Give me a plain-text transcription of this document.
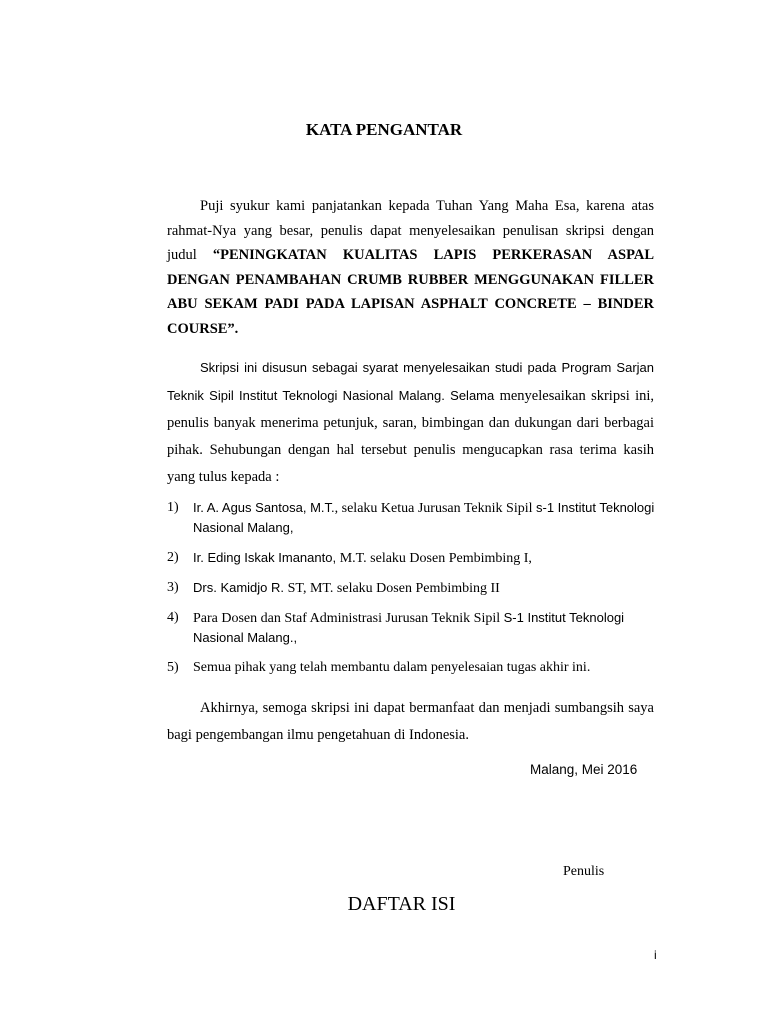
KATA PENGANTAR
Puji syukur kami panjatankan kepada Tuhan Yang Maha Esa, karena atas rahmat-Nya yang besar, penulis dapat menyelesaikan penulisan skripsi dengan judul “PENINGKATAN KUALITAS LAPIS PERKERASAN ASPAL DENGAN PENAMBAHAN CRUMB RUBBER MENGGUNAKAN FILLER ABU SEKAM PADI PADA LAPISAN ASPHALT CONCRETE – BINDER COURSE”.
Skripsi ini disusun sebagai syarat menyelesaikan studi pada Program Sarjan Teknik Sipil Institut Teknologi Nasional Malang. Selama menyelesaikan skripsi ini, penulis banyak menerima petunjuk, saran, bimbingan dan dukungan dari berbagai pihak. Sehubungan dengan hal tersebut penulis mengucapkan rasa terima kasih yang tulus kepada :
1) Ir. A. Agus Santosa, M.T., selaku Ketua Jurusan Teknik Sipil s-1 Institut Teknologi Nasional Malang,
2) Ir. Eding Iskak Imananto, M.T. selaku Dosen Pembimbing I,
3) Drs. Kamidjo R. ST, MT. selaku Dosen Pembimbing II
4) Para Dosen dan Staf Administrasi Jurusan Teknik Sipil S-1 Institut Teknologi Nasional Malang.,
5) Semua pihak yang telah membantu dalam penyelesaian tugas akhir ini.
Akhirnya, semoga skripsi ini dapat bermanfaat dan menjadi sumbangsih saya bagi pengembangan ilmu pengetahuan di Indonesia.
Malang, Mei 2016
Penulis
DAFTAR ISI
i
